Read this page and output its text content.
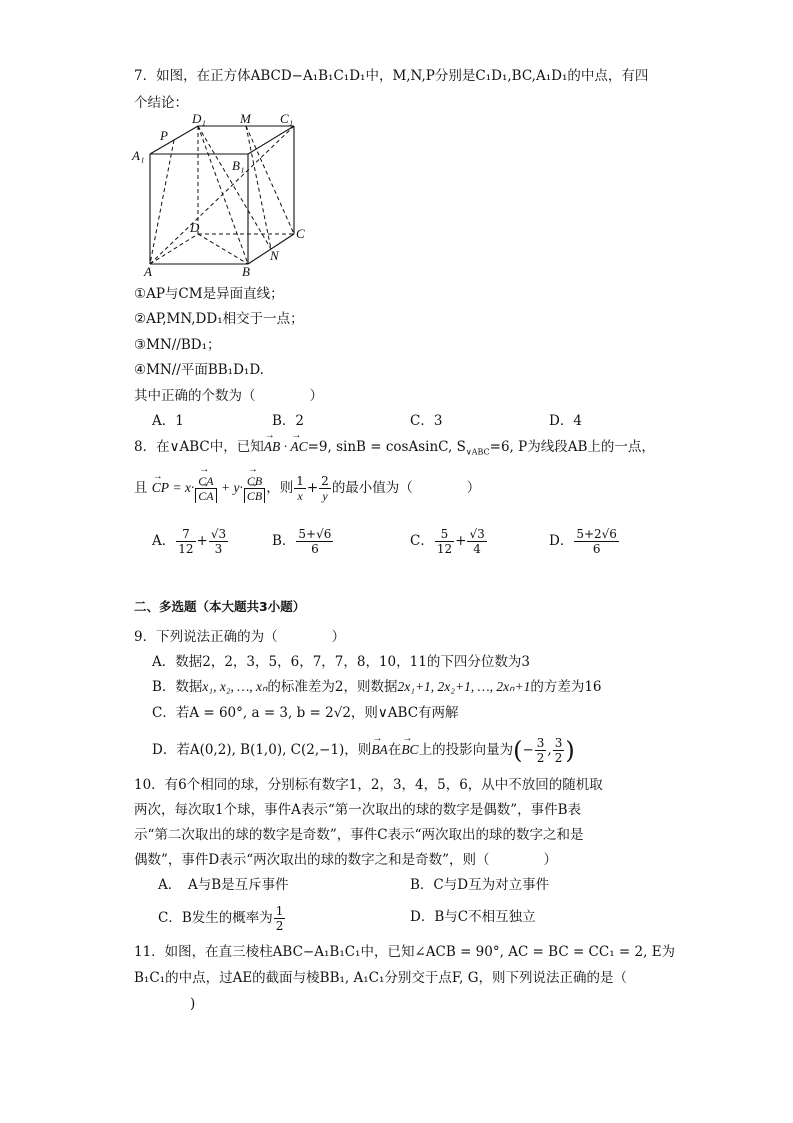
7．如图，在正方体ABCD−A₁B₁C₁D₁中，M,N,P分别是C₁D₁,BC,A₁D₁的中点，有四
个结论：
D₁	M C₁
P
A₁
B₁
D	C
A	B
N
①AP与CM是异面直线；
②AP,MN,DD₁相交于一点；
③MN//BD₁；
④MN//平面BB₁D₁D.
其中正确的个数为（　　　　）
A．1	B．2	C．3	D．4
8．在∨ABC中，已知→ AB · → AC=9, sinB = cosAsinC, $S_{\vee ABC}=6$, P为线段AB上的一点，
且 → CP = x· → CA
→ CA + y· → CB
→ CB ，则 $\frac{1}{x} + \frac{2}{y}$ 的最小值为（　　　　）
A． $\frac{7}{12} + \frac{√3}{3}$	B． $\frac{5+√6}{6}$	C． $\frac{5}{12} + \frac{√3}{4}$	D． $\frac{5+2√6}{6}$
二、多选题（本大题共3小题）
9．下列说法正确的为（　　　　）
A．数据2，2，3，5，6，7，7，8，10，11的下四分位数为3
B．数据x₁, x₂, …, xₙ的标准差为2，则数据2x₁+1, 2x₂+1, …, 2xₙ+1的方差为16
C．若A = 60°, a = 3, b = 2√2，则∨ABC有两解
D．若A(0,2), B(1,0), C(2,−1)，则→ BA在→ BC上的投影向量为(− $\frac{3}{2}$ , $\frac{3}{2}$ )
10．有6个相同的球，分别标有数字1，2，3，4，5，6，从中不放回的随机取
两次，每次取1个球，事件A表示“第一次取出的球的数字是偶数”，事件B表
示“第二次取出的球的数字是奇数”，事件C表示“两次取出的球的数字之和是
偶数”，事件D表示“两次取出的球的数字之和是奇数”，则（　　　　）
A．　A与B是互斥事件	B．C与D互为对立事件
C．B发生的概率为 $\frac{1}{2}$	D．B与C不相互独立
11．如图，在直三棱柱ABC−A₁B₁C₁中，已知∠ACB = 90°, AC = BC = CC₁ = 2, E为
B₁C₁的中点，过AE的截面与棱BB₁, A₁C₁分别交于点F, G，则下列说法正确的是（
)
